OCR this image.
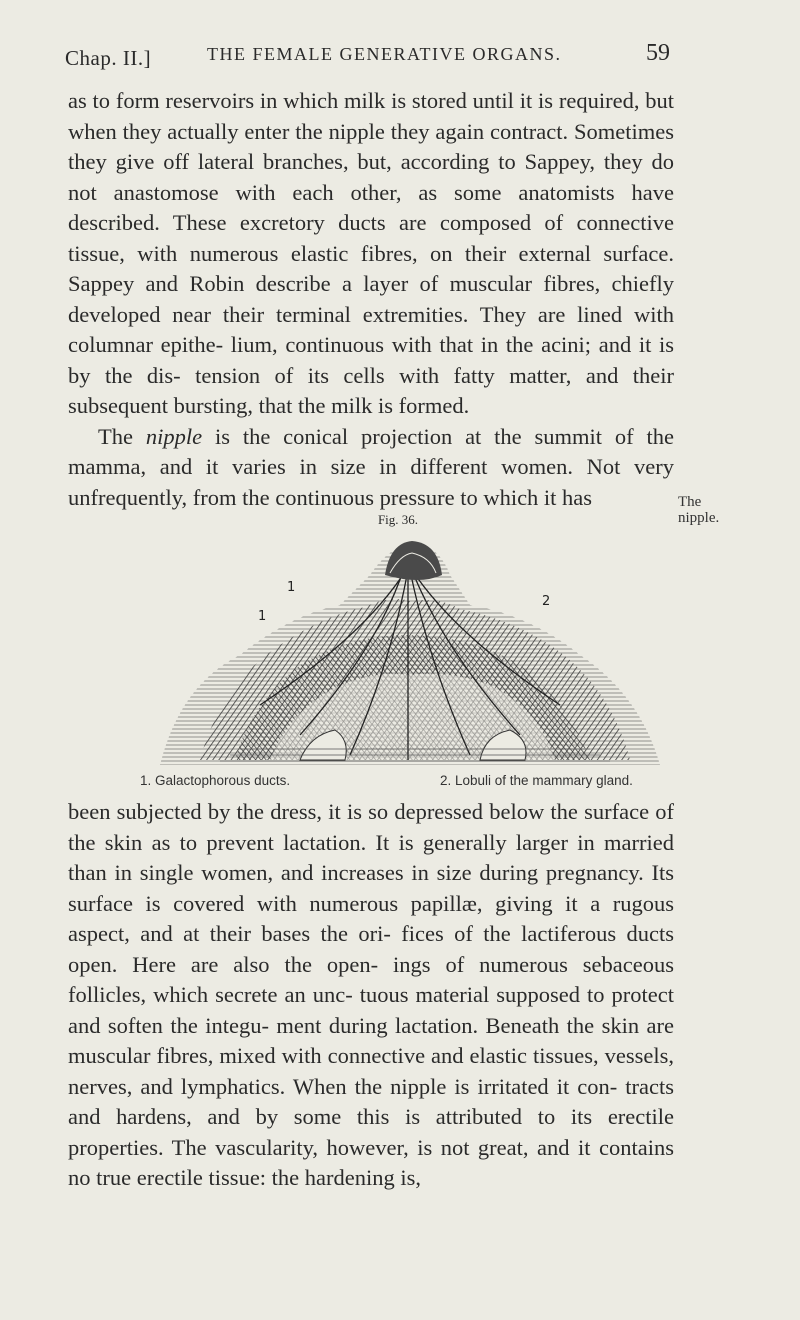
Chap. II.]	THE FEMALE GENERATIVE ORGANS.	59

as to form reservoirs in which milk is stored until it is required, but when they actually enter the nipple they again contract. Sometimes they give off lateral branches, but, according to Sappey, they do not anastomose with each other, as some anatomists have described. These excretory ducts are composed of connective tissue, with numerous elastic fibres, on their external surface. Sappey and Robin describe a layer of muscular fibres, chiefly developed near their terminal extremities. They are lined with columnar epithe- lium, continuous with that in the acini; and it is by the dis- tension of its cells with fatty matter, and their subsequent bursting, that the milk is formed.

The nipple is the conical projection at the summit of the mamma, and it varies in size in different women. Not very unfrequently, from the continuous pressure to which it has	The nipple.
Fig. 36.
1
1
2
1. Galactophorous ducts.	2. Lobuli of the mammary gland.

been subjected by the dress, it is so depressed below the surface of the skin as to prevent lactation. It is generally larger in married than in single women, and increases in size during pregnancy. Its surface is covered with numerous papillæ, giving it a rugous aspect, and at their bases the ori- fices of the lactiferous ducts open. Here are also the open- ings of numerous sebaceous follicles, which secrete an unc- tuous material supposed to protect and soften the integu- ment during lactation. Beneath the skin are muscular fibres, mixed with connective and elastic tissues, vessels, nerves, and lymphatics. When the nipple is irritated it con- tracts and hardens, and by some this is attributed to its erectile properties. The vascularity, however, is not great, and it contains no true erectile tissue: the hardening is,
